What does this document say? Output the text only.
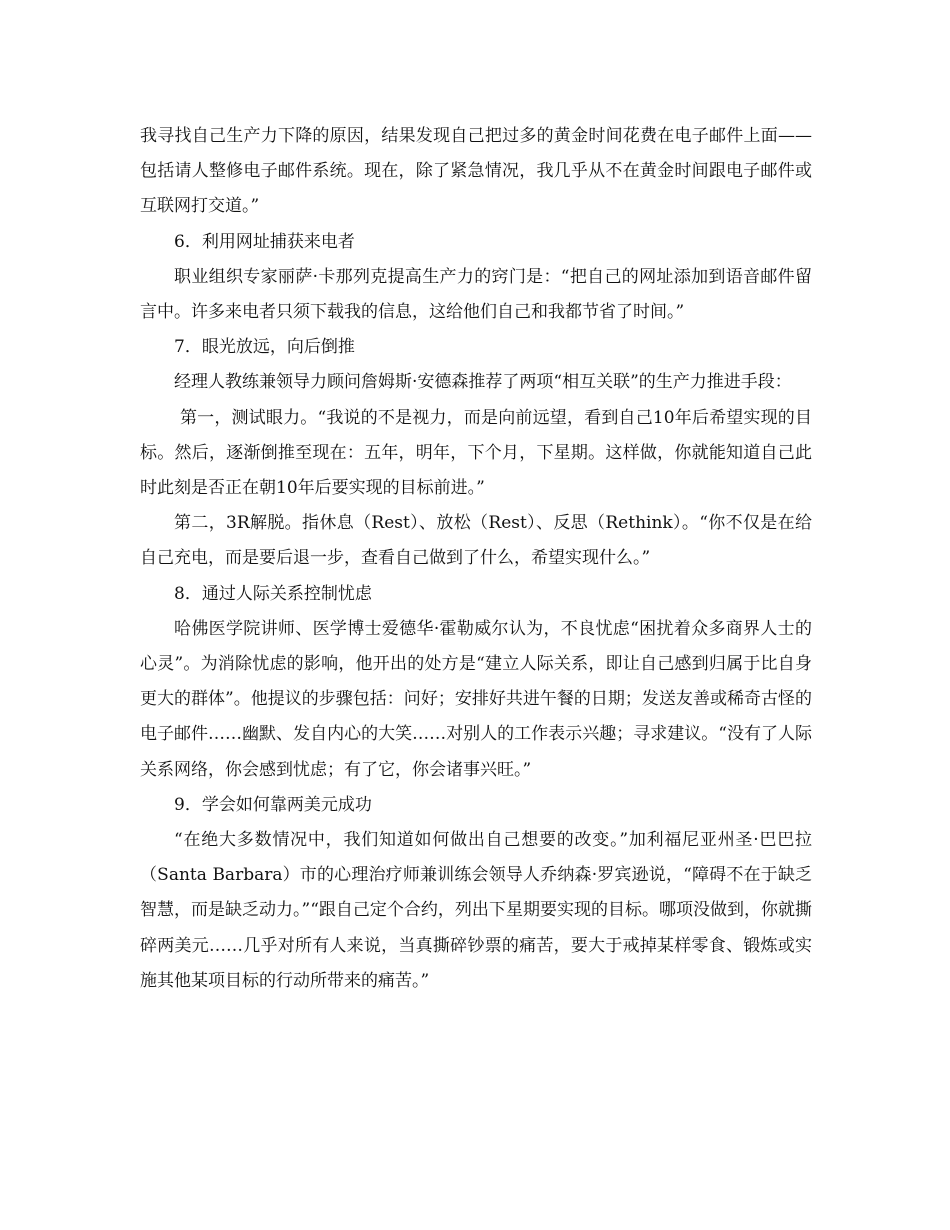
我寻找自己生产力下降的原因，结果发现自己把过多的黄金时间花费在电子邮件上面——包括请人整修电子邮件系统。现在，除了紧急情况，我几乎从不在黄金时间跟电子邮件或互联网打交道。”

6．利用网址捕获来电者

职业组织专家丽萨·卡那列克提高生产力的窍门是：“把自己的网址添加到语音邮件留言中。许多来电者只须下载我的信息，这给他们自己和我都节省了时间。”

7．眼光放远，向后倒推

经理人教练兼领导力顾问詹姆斯·安德森推荐了两项“相互关联”的生产力推进手段：

第一，测试眼力。“我说的不是视力，而是向前远望，看到自己10年后希望实现的目标。然后，逐渐倒推至现在：五年，明年，下个月，下星期。这样做，你就能知道自己此时此刻是否正在朝10年后要实现的目标前进。”

第二，3R解脱。指休息（Rest）、放松（Rest）、反思（Rethink）。“你不仅是在给自己充电，而是要后退一步，查看自己做到了什么，希望实现什么。”

8．通过人际关系控制忧虑

哈佛医学院讲师、医学博士爱德华·霍勒威尔认为，不良忧虑“困扰着众多商界人士的心灵”。为消除忧虑的影响，他开出的处方是“建立人际关系，即让自己感到归属于比自身更大的群体”。他提议的步骤包括：问好；安排好共进午餐的日期；发送友善或稀奇古怪的电子邮件……幽默、发自内心的大笑……对别人的工作表示兴趣；寻求建议。“没有了人际关系网络，你会感到忧虑；有了它，你会诸事兴旺。”

9．学会如何靠两美元成功

“在绝大多数情况中，我们知道如何做出自己想要的改变。”加利福尼亚州圣·巴巴拉（Santa Barbara）市的心理治疗师兼训练会领导人乔纳森·罗宾逊说，“障碍不在于缺乏智慧，而是缺乏动力。”“跟自己定个合约，列出下星期要实现的目标。哪项没做到，你就撕碎两美元……几乎对所有人来说，当真撕碎钞票的痛苦，要大于戒掉某样零食、锻炼或实施其他某项目标的行动所带来的痛苦。”
